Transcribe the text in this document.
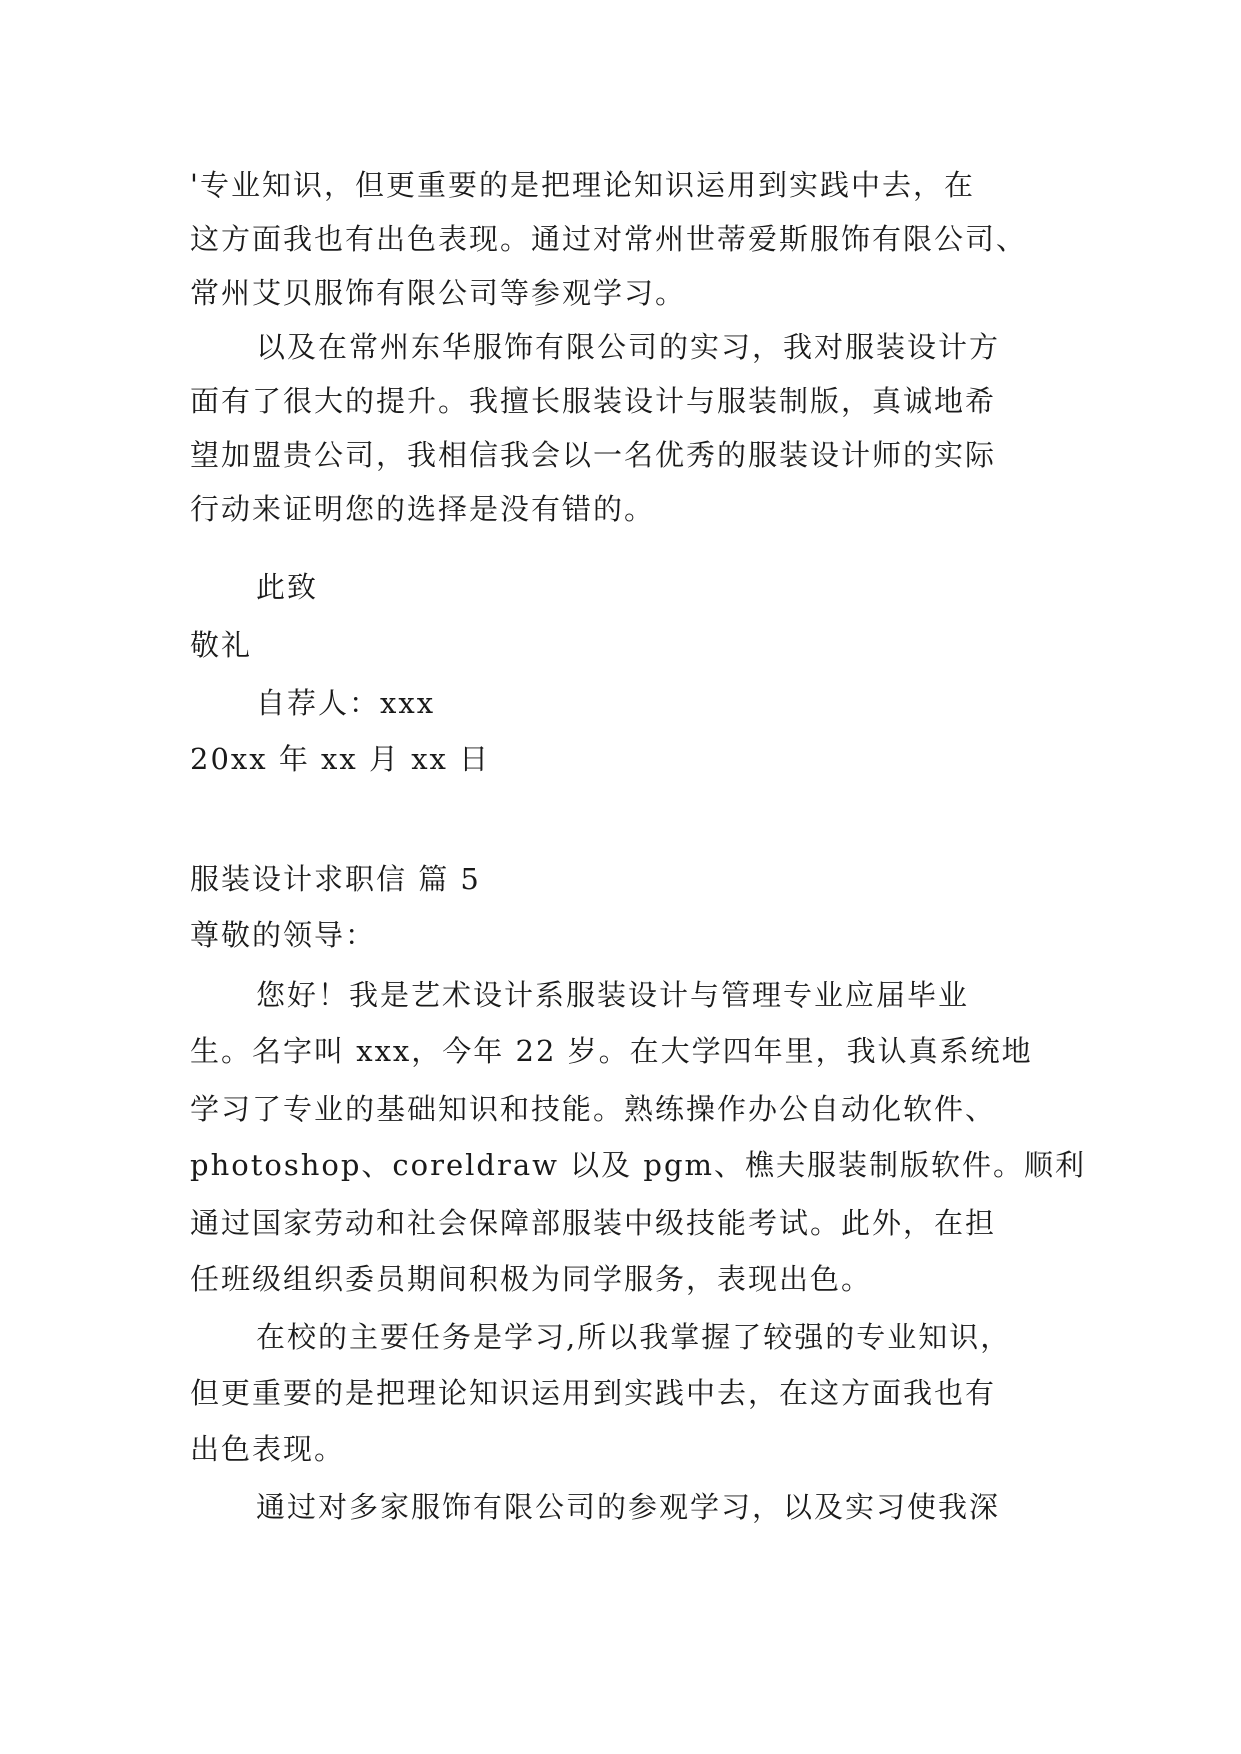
'专业知识，但更重要的是把理论知识运用到实践中去，在
这方面我也有出色表现。通过对常州世蒂爱斯服饰有限公司、
常州艾贝服饰有限公司等参观学习。
以及在常州东华服饰有限公司的实习，我对服装设计方
面有了很大的提升。我擅长服装设计与服装制版，真诚地希
望加盟贵公司，我相信我会以一名优秀的服装设计师的实际
行动来证明您的选择是没有错的。
此致
敬礼
自荐人：xxx
20xx 年 xx 月 xx 日
服装设计求职信 篇 5
尊敬的领导：
您好！我是艺术设计系服装设计与管理专业应届毕业
生。名字叫 xxx，今年 22 岁。在大学四年里，我认真系统地
学习了专业的基础知识和技能。熟练操作办公自动化软件、
photoshop、coreldraw 以及 pgm、樵夫服装制版软件。顺利
通过国家劳动和社会保障部服装中级技能考试。此外，在担
任班级组织委员期间积极为同学服务，表现出色。
在校的主要任务是学习,所以我掌握了较强的专业知识，
但更重要的是把理论知识运用到实践中去，在这方面我也有
出色表现。
通过对多家服饰有限公司的参观学习，以及实习使我深
